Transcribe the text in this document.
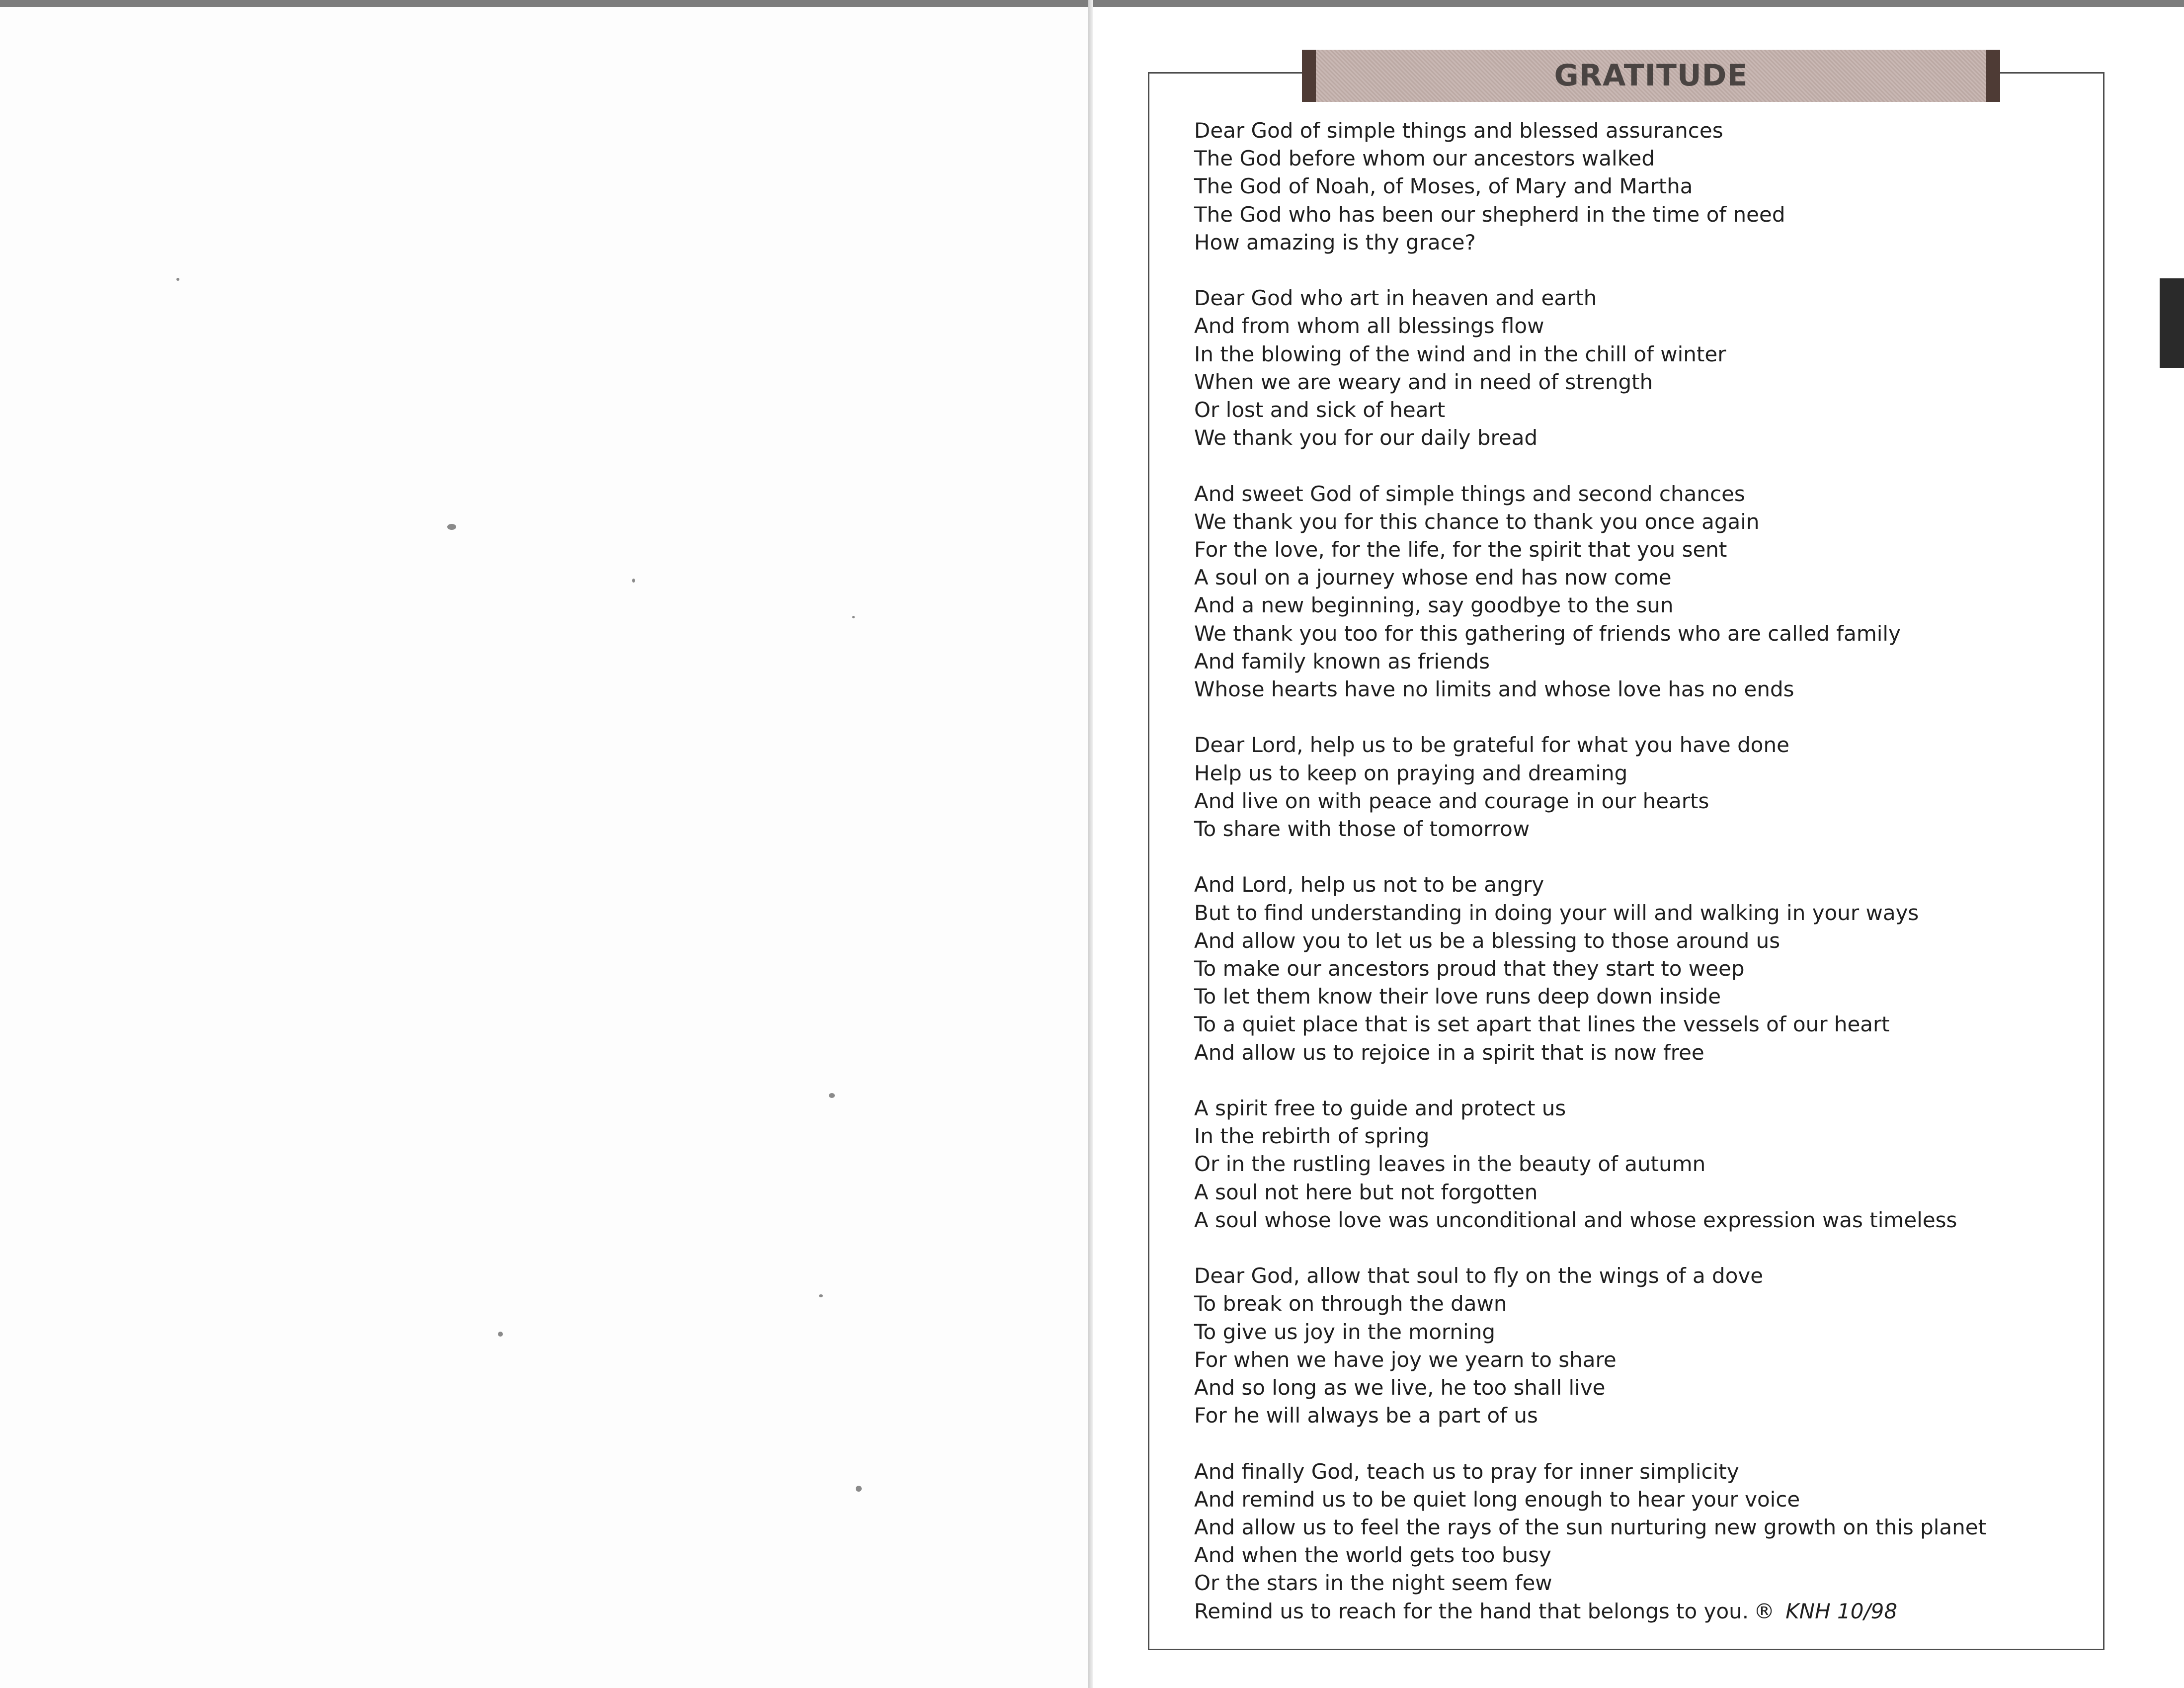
GRATITUDE
Dear God of simple things and blessed assurances
The God before whom our ancestors walked
The God of Noah, of Moses, of Mary and Martha
The God who has been our shepherd in the time of need
How amazing is thy grace?
Dear God who art in heaven and earth
And from whom all blessings flow
In the blowing of the wind and in the chill of winter
When we are weary and in need of strength
Or lost and sick of heart
We thank you for our daily bread
And sweet God of simple things and second chances
We thank you for this chance to thank you once again
For the love, for the life, for the spirit that you sent
A soul on a journey whose end has now come
And a new beginning, say goodbye to the sun
We thank you too for this gathering of friends who are called family
And family known as friends
Whose hearts have no limits and whose love has no ends
Dear Lord, help us to be grateful for what you have done
Help us to keep on praying and dreaming
And live on with peace and courage in our hearts
To share with those of tomorrow
And Lord, help us not to be angry
But to find understanding in doing your will and walking in your ways
And allow you to let us be a blessing to those around us
To make our ancestors proud that they start to weep
To let them know their love runs deep down inside
To a quiet place that is set apart that lines the vessels of our heart
And allow us to rejoice in a spirit that is now free
A spirit free to guide and protect us
In the rebirth of spring
Or in the rustling leaves in the beauty of autumn
A soul not here but not forgotten
A soul whose love was unconditional and whose expression was timeless
Dear God, allow that soul to fly on the wings of a dove
To break on through the dawn
To give us joy in the morning
For when we have joy we yearn to share
And so long as we live, he too shall live
For he will always be a part of us
And finally God, teach us to pray for inner simplicity
And remind us to be quiet long enough to hear your voice
And allow us to feel the rays of the sun nurturing new growth on this planet
And when the world gets too busy
Or the stars in the night seem few
Remind us to reach for the hand that belongs to you. ® KNH 10/98
